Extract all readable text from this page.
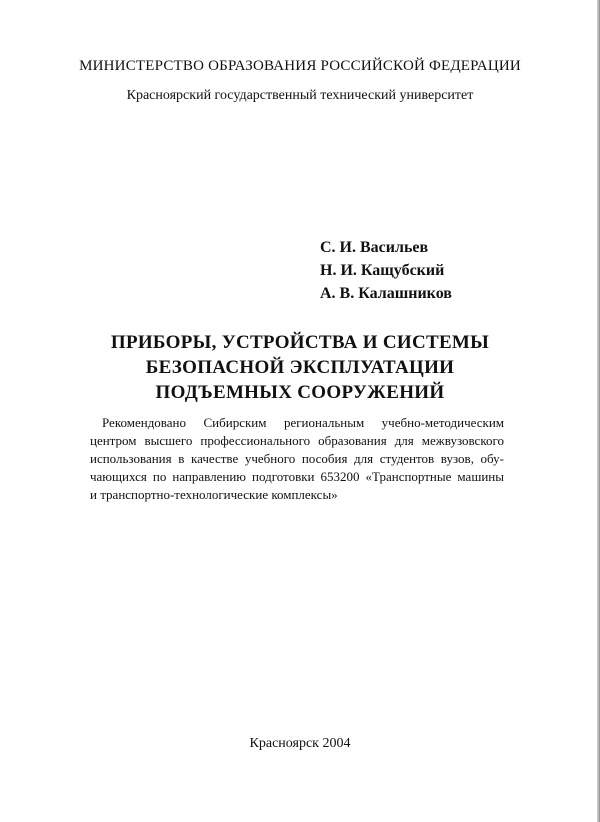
МИНИСТЕРСТВО ОБРАЗОВАНИЯ РОССИЙСКОЙ ФЕДЕРАЦИИ
Красноярский государственный технический университет
С. И. Васильев
Н. И. Кащубский
А. В. Калашников
ПРИБОРЫ, УСТРОЙСТВА И СИСТЕМЫ
БЕЗОПАСНОЙ ЭКСПЛУАТАЦИИ
ПОДЪЕМНЫХ СООРУЖЕНИЙ
Рекомендовано Сибирским региональным учебно-методическим
центром высшего профессионального образования для межвузовского
использования в качестве учебного пособия для студентов вузов, обу-
чающихся по направлению подготовки 653200 «Транспортные машины
и транспортно-технологические комплексы»
Красноярск 2004
